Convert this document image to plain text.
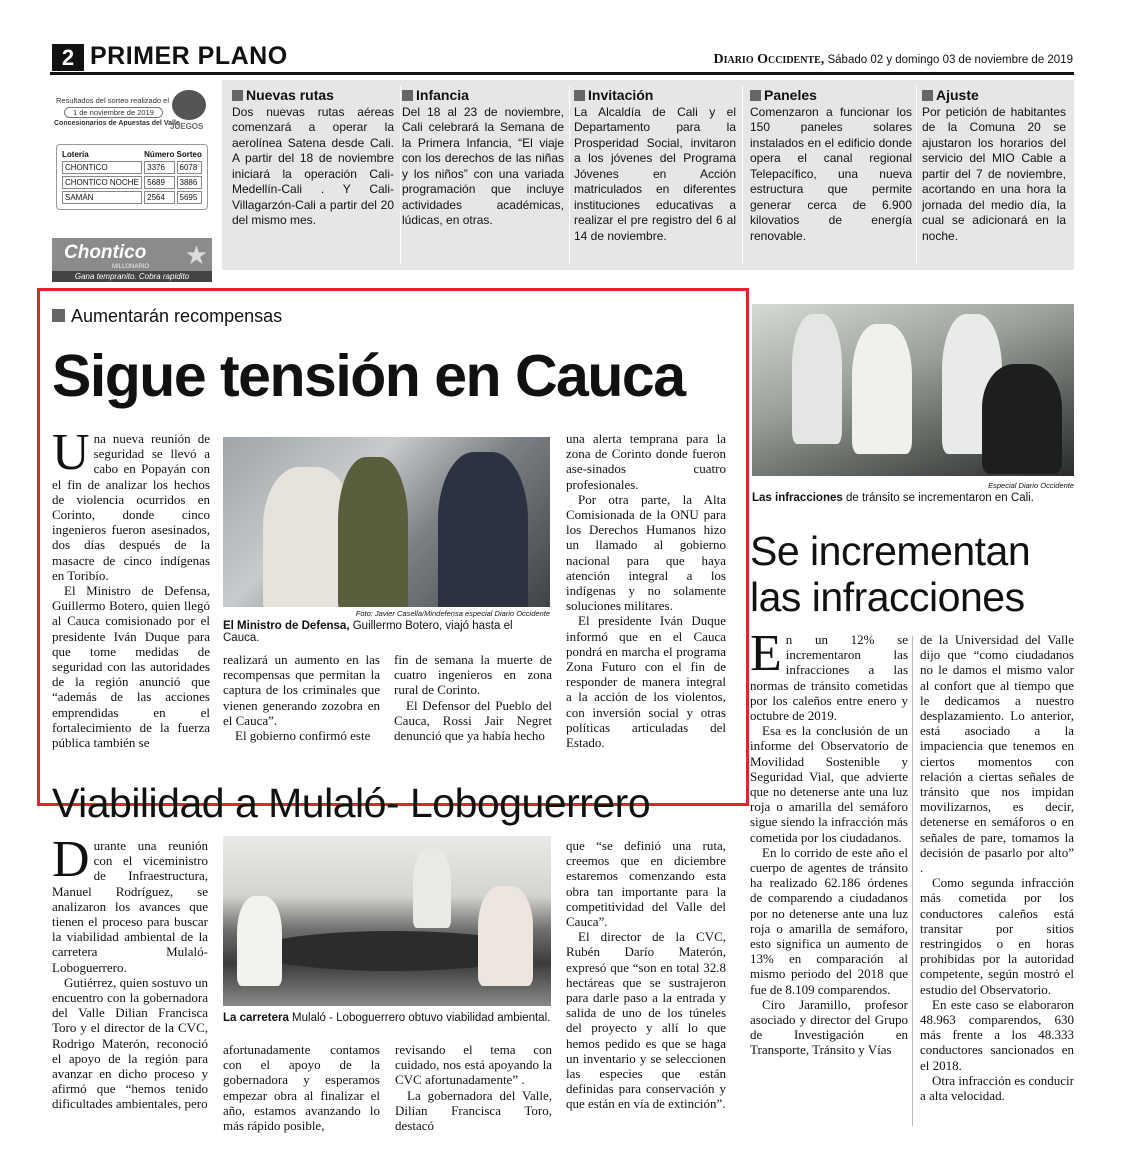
2 PRIMER PLANO	Diario Occidente, Sábado 02 y domingo 03 de noviembre de 2019
Resultados del sorteo realizado el
1 de noviembre de 2019
Concesionarios de Apuestas del Valle
JUEGOS
Lotería	Número	Sorteo
CHONTICO	3376	6078
CHONTICO NOCHE	5689	3886
SAMÁN	2564	5695
Chontico
MILLONARIO ★
Gana tempranito. Cobra rapidito
Nuevas rutas
Dos nuevas rutas aéreas comenzará a operar la aerolínea Satena desde Cali. A partir del 18 de noviembre iniciará la operación Cali- Medellín-Cali . Y Cali- Villagarzón-Cali a partir del 20 del mismo mes.
Infancia
Del 18 al 23 de noviembre, Cali celebrará la Semana de la Primera Infancia, “El viaje con los derechos de las niñas y los niños” con una variada programación que incluye actividades académicas, lúdicas, en otras.
Invitación
La Alcaldía de Cali y el Departamento para la Prosperidad Social, invitaron a los jóvenes del Programa Jóvenes en Acción matriculados en diferentes instituciones educativas a realizar el pre registro del 6 al 14 de noviembre.
Paneles
Comenzaron a funcionar los 150 paneles solares instalados en el edificio donde opera el canal regional Telepacífico, una nueva estructura que permite generar cerca de 6.900 kilovatios de energía renovable.
Ajuste
Por petición de habitantes de la Comuna 20 se ajustaron los horarios del servicio del MIO Cable a partir del 7 de noviembre, acortando en una hora la jornada del medio día, la cual se adicionará en la noche.
Aumentarán recompensas
Sigue tensión en Cauca

Una nueva reunión de seguridad se llevó a cabo en Popayán con el fin de analizar los hechos de violencia ocurridos en Corinto, donde cinco ingenieros fueron asesinados, dos días después de la masacre de cinco indígenas en Toribío.

El Ministro de Defensa, Guillermo Botero, quien llegó al Cauca comisionado por el presidente Iván Duque para que tome medidas de seguridad con las autoridades de la región anunció que “además de las acciones emprendidas en el fortalecimiento de la fuerza pública también se

Foto: Javier Casella/Mindefensa especial Diario Occidente
El Ministro de Defensa, Guillermo Botero, viajó hasta el Cauca.

realizará un aumento en las recompensas que permitan la captura de los criminales que vienen generando zozobra en el Cauca”.

El gobierno confirmó este

fin de semana la muerte de cuatro ingenieros en zona rural de Corinto.

El Defensor del Pueblo del Cauca, Rossi Jair Negret denunció que ya había hecho

una alerta temprana para la zona de Corinto donde fueron ase-sinados cuatro profesionales.

Por otra parte, la Alta Comisionada de la ONU para los Derechos Humanos hizo un llamado al gobierno nacional para que haya atención integral a los indígenas y no solamente soluciones militares.

El presidente Iván Duque informó que en el Cauca pondrá en marcha el programa Zona Futuro con el fin de responder de manera integral a la acción de los violentos, con inversión social y otras políticas articuladas del Estado.

Especial Diario Occidente
Las infracciones de tránsito se incrementaron en Cali.
Se incrementan las infracciones

En un 12% se incrementaron las infracciones a las normas de tránsito cometidas por los caleños entre enero y octubre de 2019.

Esa es la conclusión de un informe del Observatorio de Movilidad Sostenible y Seguridad Vial, que advierte que no detenerse ante una luz roja o amarilla del semáforo sigue siendo la infracción más cometida por los ciudadanos.

En lo corrido de este año el cuerpo de agentes de tránsito ha realizado 62.186 órdenes de comparendo a ciudadanos por no detenerse ante una luz roja o amarilla de semáforo, esto significa un aumento de 13% en comparación al mismo periodo del 2018 que fue de 8.109 comparendos.

Ciro Jaramillo, profesor asociado y director del Grupo de Investigación en Transporte, Tránsito y Vías

de la Universidad del Valle dijo que “como ciudadanos no le damos el mismo valor al confort que al tiempo que le dedicamos a nuestro desplazamiento. Lo anterior, está asociado a la impaciencia que tenemos en ciertos momentos con relación a ciertas señales de tránsito que nos impidan movilizarnos, es decir, detenerse en semáforos o en señales de pare, tomamos la decisión de pasarlo por alto” .

Como segunda infracción más cometida por los conductores caleños está transitar por sitios restringidos o en horas prohibidas por la autoridad competente, según mostró el estudio del Observatorio.

En este caso se elaboraron 48.963 comparendos, 630 más frente a los 48.333 conductores sancionados en el 2018.

Otra infracción es conducir a alta velocidad.

Viabilidad a Mulaló- Loboguerrero

Durante una reunión con el viceministro de Infraestructura, Manuel Rodríguez, se analizaron los avances que tienen el proceso para buscar la viabilidad ambiental de la carretera Mulaló-Loboguerrero.

Gutiérrez, quien sostuvo un encuentro con la gobernadora del Valle Dilian Francisca Toro y el director de la CVC, Rodrigo Materón, reconoció el apoyo de la región para avanzar en dicho proceso y afirmó que “hemos tenido dificultades ambientales, pero

La carretera Mulaló - Loboguerrero obtuvo viabilidad ambiental.

afortunadamente contamos con el apoyo de la gobernadora y esperamos empezar obra al finalizar el año, estamos avanzando lo más rápido posible,

revisando el tema con cuidado, nos está apoyando la CVC afortunadamente” .

La gobernadora del Valle, Dilian Francisca Toro, destacó

que “se definió una ruta, creemos que en diciembre estaremos comenzando esta obra tan importante para la competitividad del Valle del Cauca”.

El director de la CVC, Rubén Darío Materón, expresó que “son en total 32.8 hectáreas que se sustrajeron para darle paso a la entrada y salida de uno de los túneles del proyecto y allí lo que hemos pedido es que se haga un inventario y se seleccionen las especies que están definidas para conservación y que están en vía de extinción”.
